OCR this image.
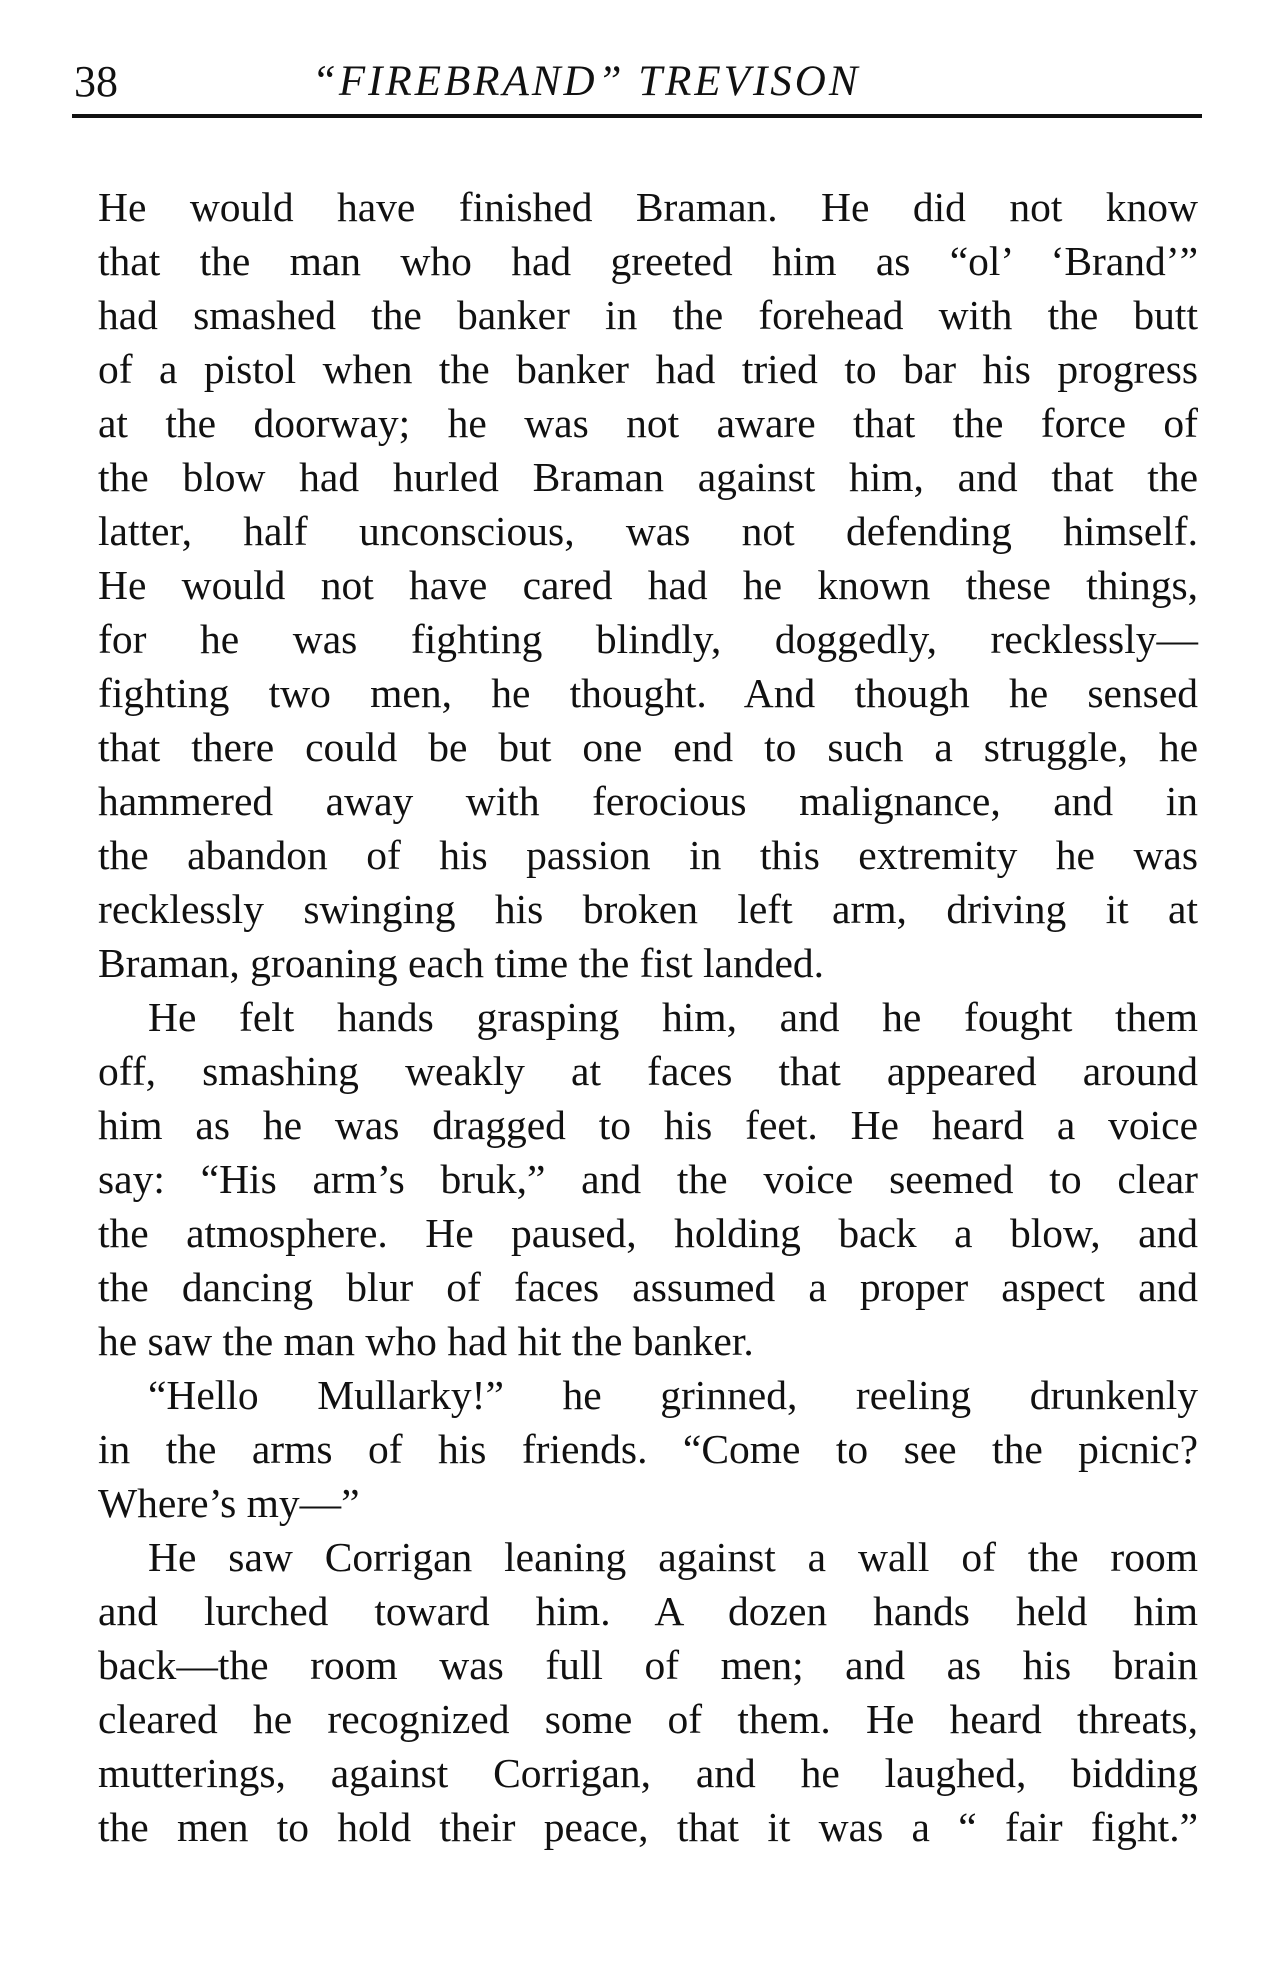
38	“FIREBRAND” TREVISON
He would have finished Braman. He did not know
that the man who had greeted him as “ol’ ‘Brand’”
had smashed the banker in the forehead with the butt
of a pistol when the banker had tried to bar his progress
at the doorway; he was not aware that the force of
the blow had hurled Braman against him, and that the
latter, half unconscious, was not defending himself.
He would not have cared had he known these things,
for he was fighting blindly, doggedly, recklessly—
fighting two men, he thought. And though he sensed
that there could be but one end to such a struggle, he
hammered away with ferocious malignance, and in
the abandon of his passion in this extremity he was
recklessly swinging his broken left arm, driving it at
Braman, groaning each time the fist landed.
He felt hands grasping him, and he fought them
off, smashing weakly at faces that appeared around
him as he was dragged to his feet. He heard a voice
say: “His arm’s bruk,” and the voice seemed to clear
the atmosphere. He paused, holding back a blow, and
the dancing blur of faces assumed a proper aspect and
he saw the man who had hit the banker.
“Hello Mullarky!” he grinned, reeling drunkenly
in the arms of his friends. “Come to see the picnic?
Where’s my—”
He saw Corrigan leaning against a wall of the room
and lurched toward him. A dozen hands held him
back—the room was full of men; and as his brain
cleared he recognized some of them. He heard threats,
mutterings, against Corrigan, and he laughed, bidding
the men to hold their peace, that it was a “ fair fight.”
